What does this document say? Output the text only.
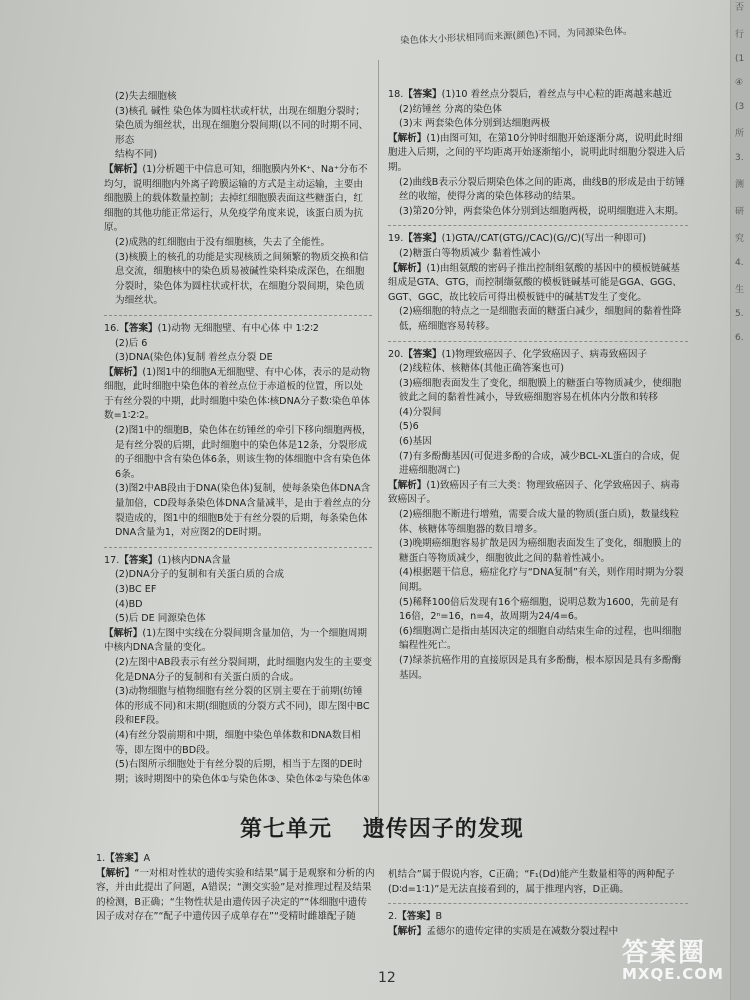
染色体大小形状相同而来源(颜色)不同，为同源染色体。

(2)失去细胞核

(3)核孔 碱性 染色体为圆柱状或杆状，出现在细胞分裂时；

染色质为细丝状，出现在细胞分裂间期(以不同的时期不同、形态

结构不同)

【解析】(1)分析题干中信息可知，细胞膜内外K⁺、Na⁺分布不均匀，说明细胞内外离子跨膜运输的方式是主动运输，主要由细胞膜上的载体数量控制；去掉红细胞膜表面这些糖蛋白，红细胞的其他功能正常运行，从免疫学角度来说，该蛋白质为抗原。

(2)成熟的红细胞由于没有细胞核，失去了全能性。

(3)核膜上的核孔的功能是实现核质之间频繁的物质交换和信息交流，细胞核中的染色质易被碱性染料染成深色，在细胞分裂时，染色体为圆柱状或杆状，在细胞分裂间期，染色质为细丝状。

16.【答案】(1)动物 无细胞壁、有中心体 中 1∶2∶2

(2)后 6

(3)DNA(染色体)复制 着丝点分裂 DE

【解析】(1)图1中的细胞A无细胞壁、有中心体，表示的是动物细胞，此时细胞中染色体的着丝点位于赤道板的位置，所以处于有丝分裂的中期，此时细胞中染色体∶核DNA分子数∶染色单体数=1∶2∶2。

(2)图1中的细胞B，染色体在纺锤丝的牵引下移向细胞两极，是有丝分裂的后期，此时细胞中的染色体是12条，分裂形成的子细胞中含有染色体6条，则该生物的体细胞中含有染色体6条。

(3)图2中AB段由于DNA(染色体)复制，使每条染色体DNA含量加倍，CD段每条染色体DNA含量减半，是由于着丝点的分裂造成的，图1中的细胞B处于有丝分裂的后期，每条染色体DNA含量为1，对应图2的DE时期。

17.【答案】(1)核内DNA含量

(2)DNA分子的复制和有关蛋白质的合成

(3)BC EF

(4)BD

(5)后 DE 同源染色体

【解析】(1)左图中实线在分裂间期含量加倍，为一个细胞周期中核内DNA含量的变化。

(2)左图中AB段表示有丝分裂间期，此时细胞内发生的主要变化是DNA分子的复制和有关蛋白质的合成。

(3)动物细胞与植物细胞有丝分裂的区别主要在于前期(纺锤体的形成不同)和末期(细胞质的分裂方式不同)，即左图中BC段和EF段。

(4)有丝分裂前期和中期，细胞中染色单体数和DNA数目相等，即左图中的BD段。

(5)右图所示细胞处于有丝分裂的后期，相当于左图的DE时期；该时期图中的染色体①与染色体③、染色体②与染色体④

18.【答案】(1)10 着丝点分裂后，着丝点与中心粒的距离越来越近

(2)纺锤丝 分离的染色体

(3)末 两套染色体分别到达细胞两极

【解析】(1)由图可知，在第10分钟时细胞开始逐渐分离，说明此时细胞进入后期，之间的平均距离开始逐渐缩小，说明此时细胞分裂进入后期。

(2)曲线B表示分裂后期染色体之间的距离，曲线B的形成是由于纺锤丝的收缩，使得分离的染色体移动的结果。

(3)第20分钟，两套染色体分别到达细胞两极，说明细胞进入末期。

19.【答案】(1)GTA//CAT(GTG//CAC)(G//C)(写出一种即可)

(2)糖蛋白等物质减少 黏着性减小

【解析】(1)由组氨酸的密码子推出控制组氨酸的基因中的模板链碱基组成是GTA、GTG，而控制缬氨酸的模板链碱基可能是GGA、GGG、GGT、GGC，故比较后可得出模板链中的碱基T发生了变化。

(2)癌细胞的特点之一是细胞表面的糖蛋白减少，细胞间的黏着性降低，癌细胞容易转移。

20.【答案】(1)物理致癌因子、化学致癌因子、病毒致癌因子

(2)线粒体、核糖体(其他正确答案也可)

(3)癌细胞表面发生了变化，细胞膜上的糖蛋白等物质减少，使细胞彼此之间的黏着性减小，导致癌细胞容易在机体内分散和转移

(4)分裂间

(5)6

(6)基因

(7)有多酚酶基因(可促进多酚的合成，减少BCL-XL蛋白的合成，促进癌细胞凋亡)

【解析】(1)致癌因子有三大类：物理致癌因子、化学致癌因子、病毒致癌因子。

(2)癌细胞不断进行增殖，需要合成大量的物质(蛋白质)，数量线粒体、核糖体等细胞器的数目增多。

(3)晚期癌细胞容易扩散是因为癌细胞表面发生了变化，细胞膜上的糖蛋白等物质减少，细胞彼此之间的黏着性减小。

(4)根据题干信息，癌症化疗与“DNA复制”有关，则作用时期为分裂间期。

(5)稀释100倍后发现有16个癌细胞，说明总数为1600，先前是有16倍，2ⁿ=16，n=4，故周期为24/4=6。

(6)细胞凋亡是指由基因决定的细胞自动结束生命的过程，也叫细胞编程性死亡。

(7)绿茶抗癌作用的直接原因是具有多酚酶，根本原因是具有多酚酶基因。

第七单元 遗传因子的发现

1.【答案】A

【解析】“一对相对性状的遗传实验和结果”属于是观察和分析的内容，并由此提出了问题，A错误；“测交实验”是对推理过程及结果的检测，B正确；“生物性状是由遗传因子决定的”“体细胞中遗传因子成对存在”“配子中遗传因子成单存在”“受精时雌雄配子随

机结合”属于假说内容，C正确；“F₁(Dd)能产生数量相等的两种配子(D∶d=1∶1)”是无法直接看到的，属于推理内容，D正确。

2.【答案】B

【解析】孟德尔的遗传定律的实质是在减数分裂过程中

12
否
行
(1
④
(3
所
3.
测
研
究
4.
生
5.
6.
答案圈
MXQE.COM
